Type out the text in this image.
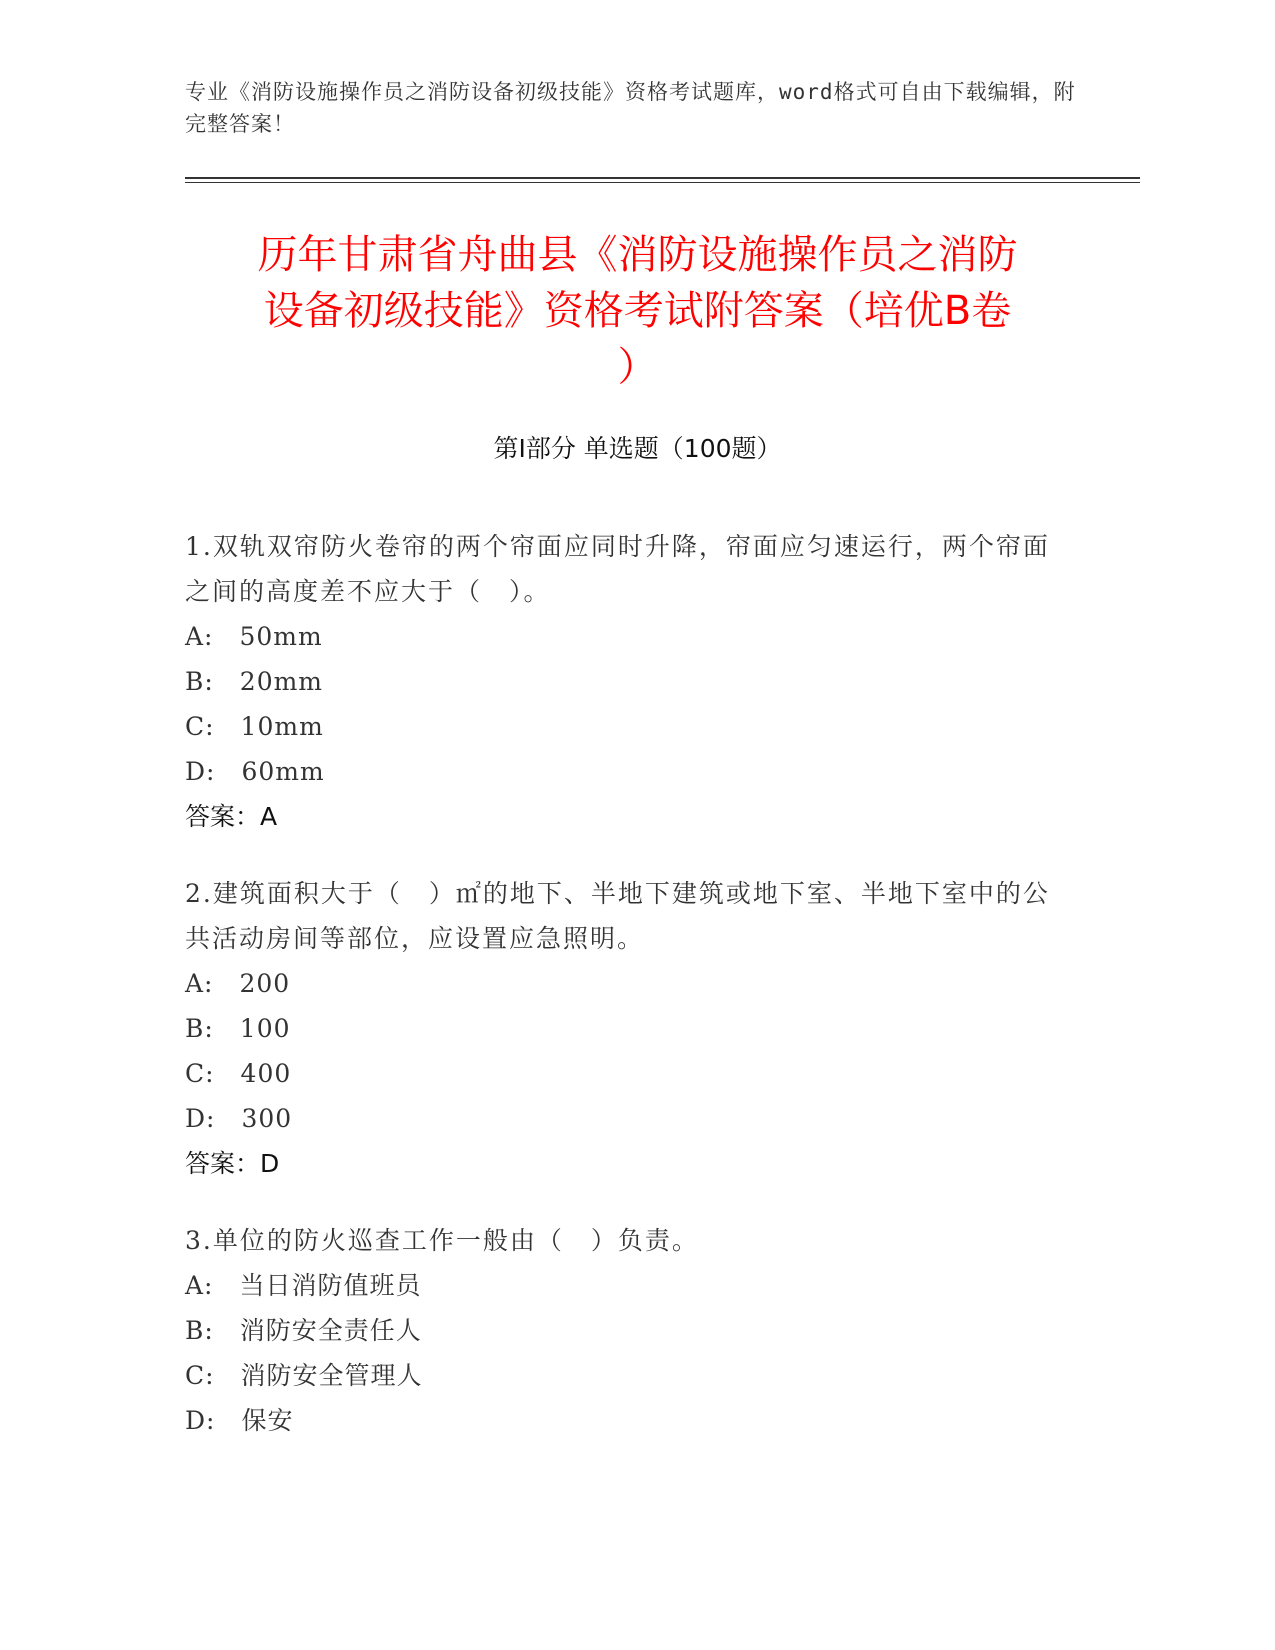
专业《消防设施操作员之消防设备初级技能》资格考试题库，word格式可自由下载编辑，附完整答案！
历年甘肃省舟曲县《消防设施操作员之消防
设备初级技能》资格考试附答案（培优B卷
）
第I部分 单选题（100题）
1.双轨双帘防火卷帘的两个帘面应同时升降，帘面应匀速运行，两个帘面之间的高度差不应大于（　）。
A:　50mm
B:　20mm
C:　10mm
D:　60mm
答案：A
2.建筑面积大于（　）㎡的地下、半地下建筑或地下室、半地下室中的公共活动房间等部位，应设置应急照明。
A:　200
B:　100
C:　400
D:　300
答案：D
3.单位的防火巡查工作一般由（　）负责。
A:　当日消防值班员
B:　消防安全责任人
C:　消防安全管理人
D:　保安
